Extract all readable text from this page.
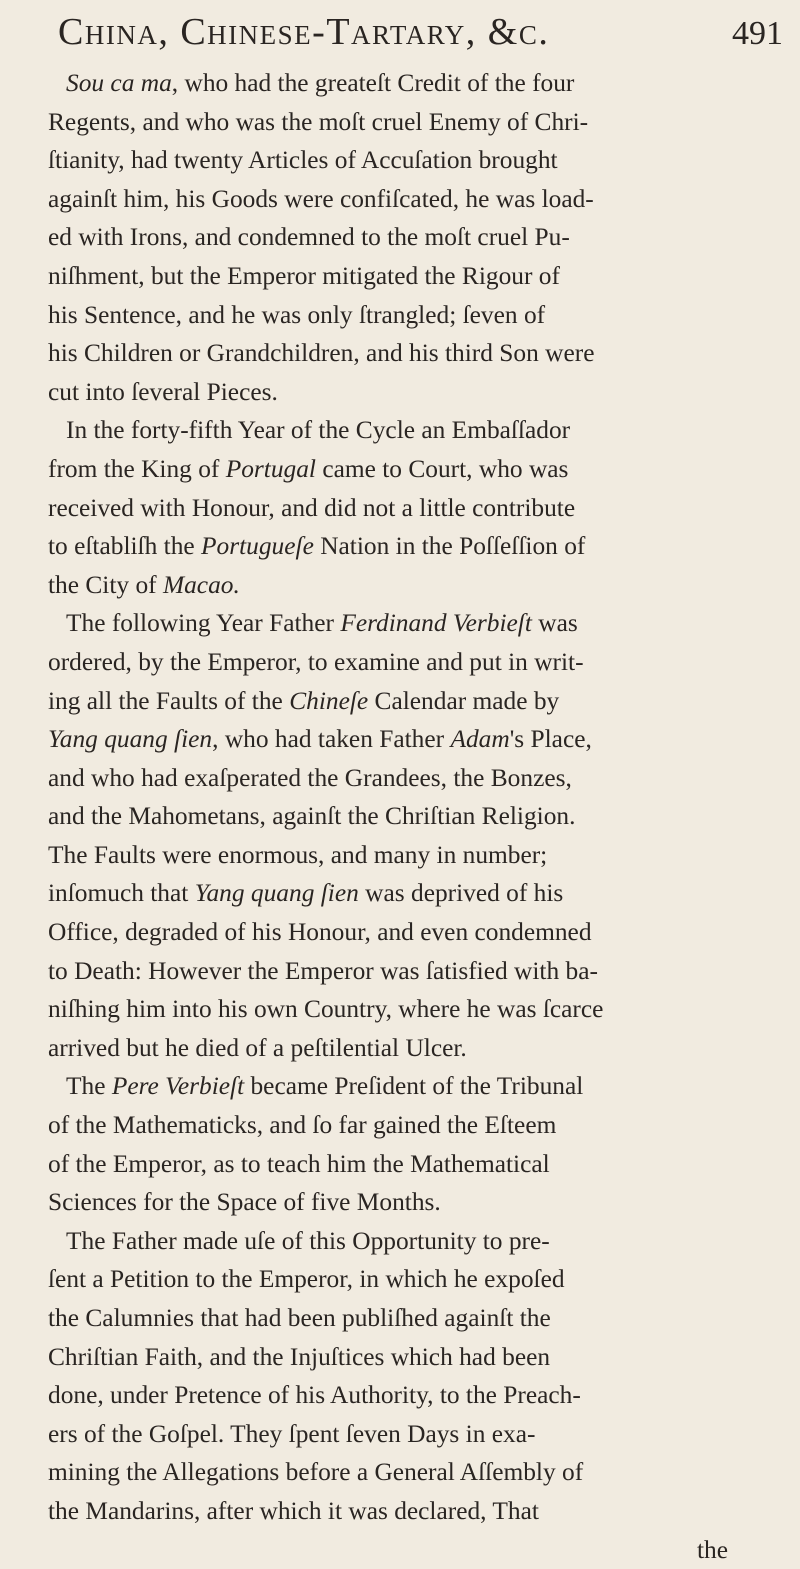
China, Chinese-Tartary, &c.	491
Sou ca ma, who had the greateſt Credit of the four
Regents, and who was the moſt cruel Enemy of Chri-
ſtianity, had twenty Articles of Accuſation brought
againſt him, his Goods were confiſcated, he was load-
ed with Irons, and condemned to the moſt cruel Pu-
niſhment, but the Emperor mitigated the Rigour of
his Sentence, and he was only ſtrangled; ſeven of
his Children or Grandchildren, and his third Son were
cut into ſeveral Pieces.
In the forty-fifth Year of the Cycle an Embaſſador
from the King of Portugal came to Court, who was
received with Honour, and did not a little contribute
to eſtabliſh the Portugueſe Nation in the Poſſeſſion of
the City of Macao.
The following Year Father Ferdinand Verbieſt was
ordered, by the Emperor, to examine and put in writ-
ing all the Faults of the Chineſe Calendar made by
Yang quang ſien, who had taken Father Adam's Place,
and who had exaſperated the Grandees, the Bonzes,
and the Mahometans, againſt the Chriſtian Religion.
The Faults were enormous, and many in number;
inſomuch that Yang quang ſien was deprived of his
Office, degraded of his Honour, and even condemned
to Death: However the Emperor was ſatisfied with ba-
niſhing him into his own Country, where he was ſcarce
arrived but he died of a peſtilential Ulcer.
The Pere Verbieſt became Preſident of the Tribunal
of the Mathematicks, and ſo far gained the Eſteem
of the Emperor, as to teach him the Mathematical
Sciences for the Space of five Months.
The Father made uſe of this Opportunity to pre-
ſent a Petition to the Emperor, in which he expoſed
the Calumnies that had been publiſhed againſt the
Chriſtian Faith, and the Injuſtices which had been
done, under Pretence of his Authority, to the Preach-
ers of the Goſpel. They ſpent ſeven Days in exa-
mining the Allegations before a General Aſſembly of
the Mandarins, after which it was declared, That
the
